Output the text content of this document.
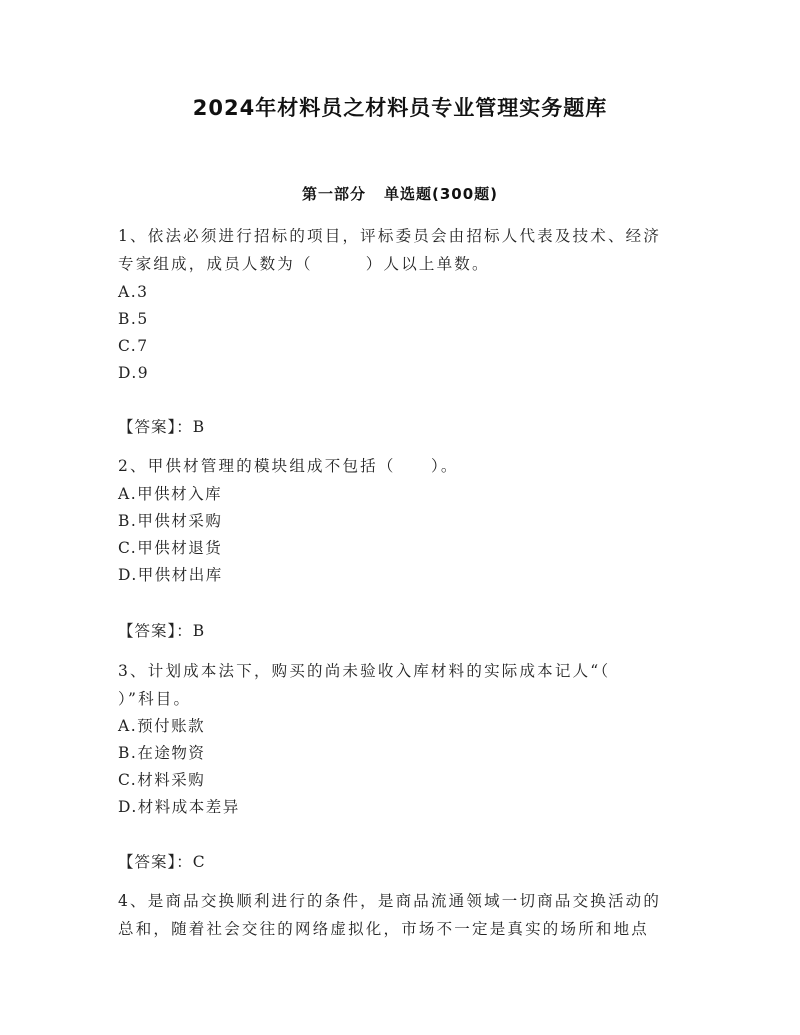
2024年材料员之材料员专业管理实务题库
第一部分 单选题(300题)
1、依法必须进行招标的项目，评标委员会由招标人代表及技术、经济
专家组成，成员人数为（　　　）人以上单数。
A.3
B.5
C.7
D.9
【答案】：B
2、甲供材管理的模块组成不包括（　　）。
A.甲供材入库
B.甲供材采购
C.甲供材退货
D.甲供材出库
【答案】：B
3、计划成本法下，购买的尚未验收入库材料的实际成本记人“（
）”科目。
A.预付账款
B.在途物资
C.材料采购
D.材料成本差异
【答案】：C
4、是商品交换顺利进行的条件，是商品流通领域一切商品交换活动的
总和，随着社会交往的网络虚拟化，市场不一定是真实的场所和地点
